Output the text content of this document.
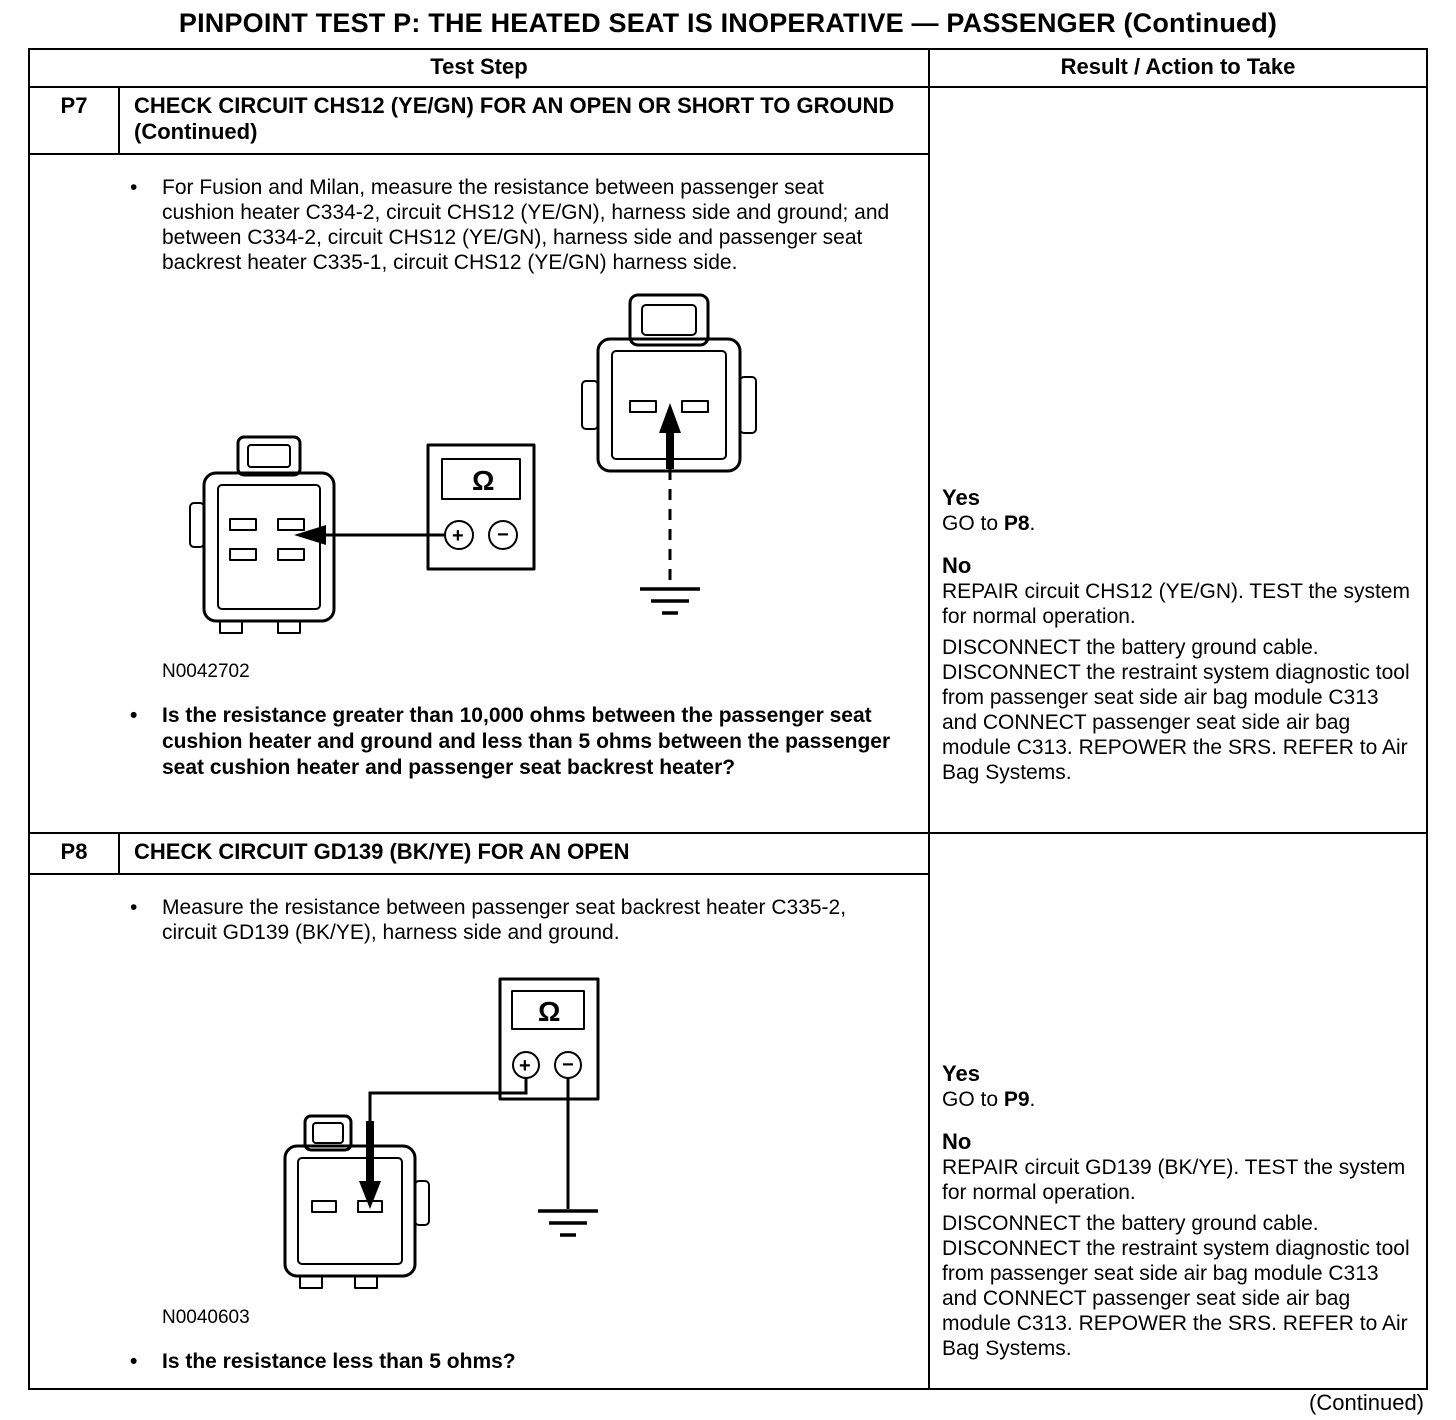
PINPOINT TEST P: THE HEATED SEAT IS INOPERATIVE — PASSENGER (Continued)
Test Step	Result / Action to Take
P7	CHECK CIRCUIT CHS12 (YE/GN) FOR AN OPEN OR SHORT TO GROUND (Continued)
•	For Fusion and Milan, measure the resistance between passenger seat cushion heater C334-2, circuit CHS12 (YE/GN), harness side and ground; and between C334-2, circuit CHS12 (YE/GN), harness side and passenger seat backrest heater C335-1, circuit CHS12 (YE/GN) harness side.
Ω
+ −
N0042702
•	Is the resistance greater than 10,000 ohms between the passenger seat cushion heater and ground and less than 5 ohms between the passenger seat cushion heater and passenger seat backrest heater?
Yes
GO to P8.
No

REPAIR circuit CHS12 (YE/GN). TEST the system for normal operation.

DISCONNECT the battery ground cable. DISCONNECT the restraint system diagnostic tool from passenger seat side air bag module C313 and CONNECT passenger seat side air bag module C313. REPOWER the SRS. REFER to Air Bag Systems.

P8	CHECK CIRCUIT GD139 (BK/YE) FOR AN OPEN
•	Measure the resistance between passenger seat backrest heater C335-2, circuit GD139 (BK/YE), harness side and ground.
Ω
+ −
N0040603
•	Is the resistance less than 5 ohms?
Yes
GO to P9.
No

REPAIR circuit GD139 (BK/YE). TEST the system for normal operation.

DISCONNECT the battery ground cable. DISCONNECT the restraint system diagnostic tool from passenger seat side air bag module C313 and CONNECT passenger seat side air bag module C313. REPOWER the SRS. REFER to Air Bag Systems.

(Continued)
